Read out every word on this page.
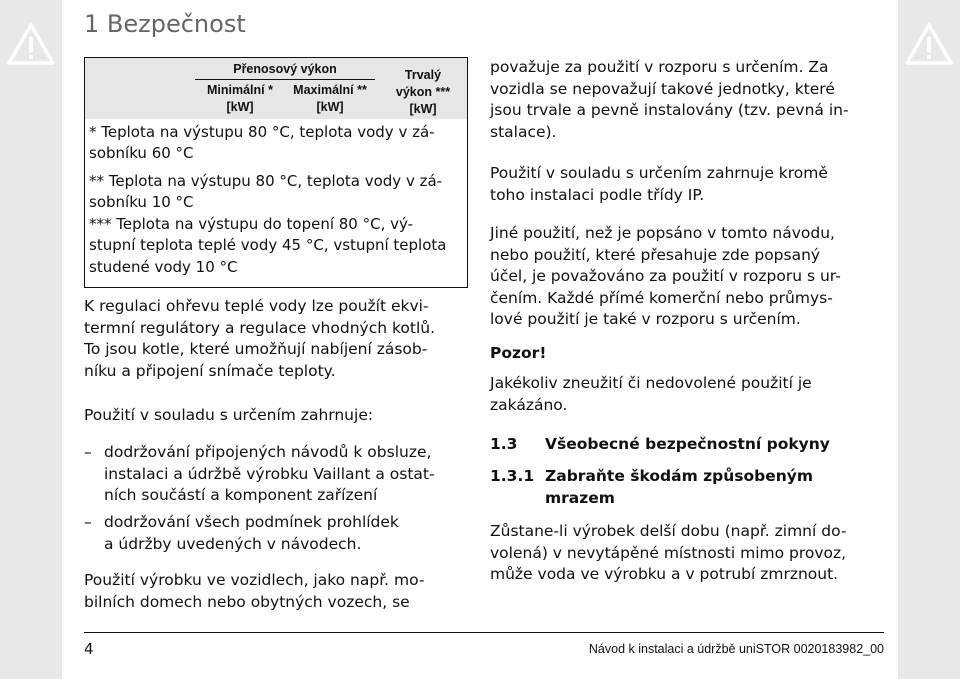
1 Bezpečnost
Přenosový výkon
Minimální *
[kW]
Maximální **
[kW]
Trvalý
výkon ***
[kW]
* Teplota na výstupu 80 °C, teplota vody v zá-
sobníku 60 °C
** Teplota na výstupu 80 °C, teplota vody v zá-
sobníku 10 °C
*** Teplota na výstupu do topení 80 °C, vý-
stupní teplota teplé vody 45 °C, vstupní teplota
studené vody 10 °C
K regulaci ohřevu teplé vody lze použít ekvi-
termní regulátory a regulace vhodných kotlů.
To jsou kotle, které umožňují nabíjení zásob-
níku a připojení snímače teploty.
Použití v souladu s určením zahrnuje:
– dodržování připojených návodů k obsluze,
instalaci a údržbě výrobku Vaillant a ostat-
ních součástí a komponent zařízení
– dodržování všech podmínek prohlídek
a údržby uvedených v návodech.
Použití výrobku ve vozidlech, jako např. mo-
bilních domech nebo obytných vozech, se
považuje za použití v rozporu s určením. Za
vozidla se nepovažují takové jednotky, které
jsou trvale a pevně instalovány (tzv. pevná in-
stalace).
Použití v souladu s určením zahrnuje kromě
toho instalaci podle třídy IP.
Jiné použití, než je popsáno v tomto návodu,
nebo použití, které přesahuje zde popsaný
účel, je považováno za použití v rozporu s ur-
čením. Každé přímé komerční nebo průmys-
lové použití je také v rozporu s určením.
Pozor!
Jakékoliv zneužití či nedovolené použití je
zakázáno.
1.3 Všeobecné bezpečnostní pokyny
1.3.1 Zabraňte škodám způsobeným
mrazem
Zůstane-li výrobek delší dobu (např. zimní do-
volená) v nevytápěné místnosti mimo provoz,
může voda ve výrobku a v potrubí zmrznout.
4	Návod k instalaci a údržbě uniSTOR 0020183982_00
